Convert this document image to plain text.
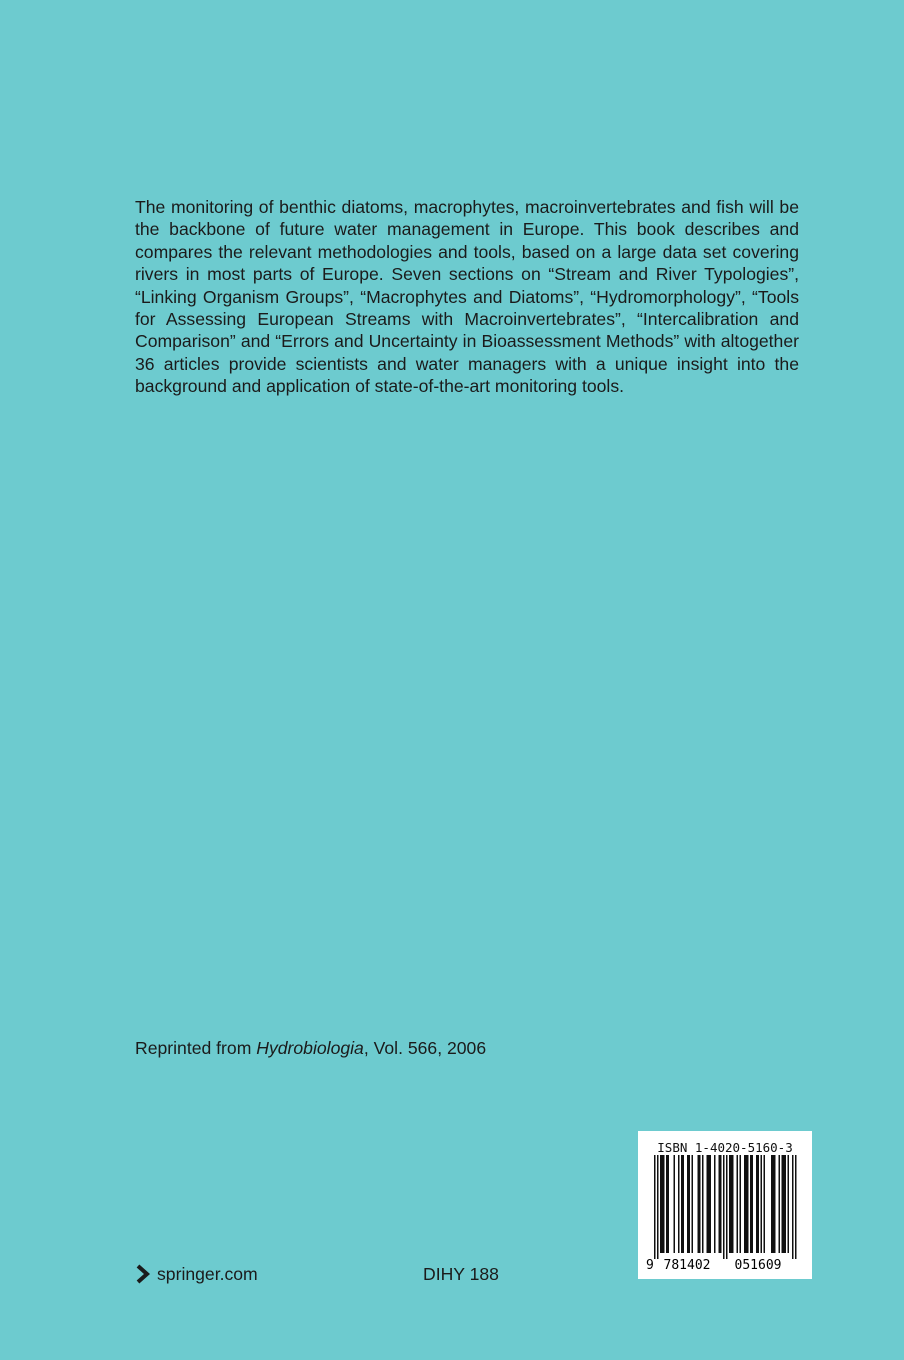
The monitoring of benthic diatoms, macrophytes, macroinvertebrates and fish will be the backbone of future water management in Europe. This book describes and compares the relevant methodologies and tools, based on a large data set covering rivers in most parts of Europe. Seven sections on “Stream and River Typologies”, “Linking Organism Groups”, “Macrophytes and Diatoms”, “Hydromorphology”, “Tools for Assessing European Streams with Macroinvertebrates”, “Intercalibration and Comparison” and “Errors and Uncertainty in Bioassessment Methods” with altogether 36 articles provide scientists and water managers with a unique insight into the background and application of state-of-the-art monitoring tools.

Reprinted from Hydrobiologia, Vol. 566, 2006

springer.com	DIHY 188	9 781402 051609
ISBN 1-4020-5160-3
